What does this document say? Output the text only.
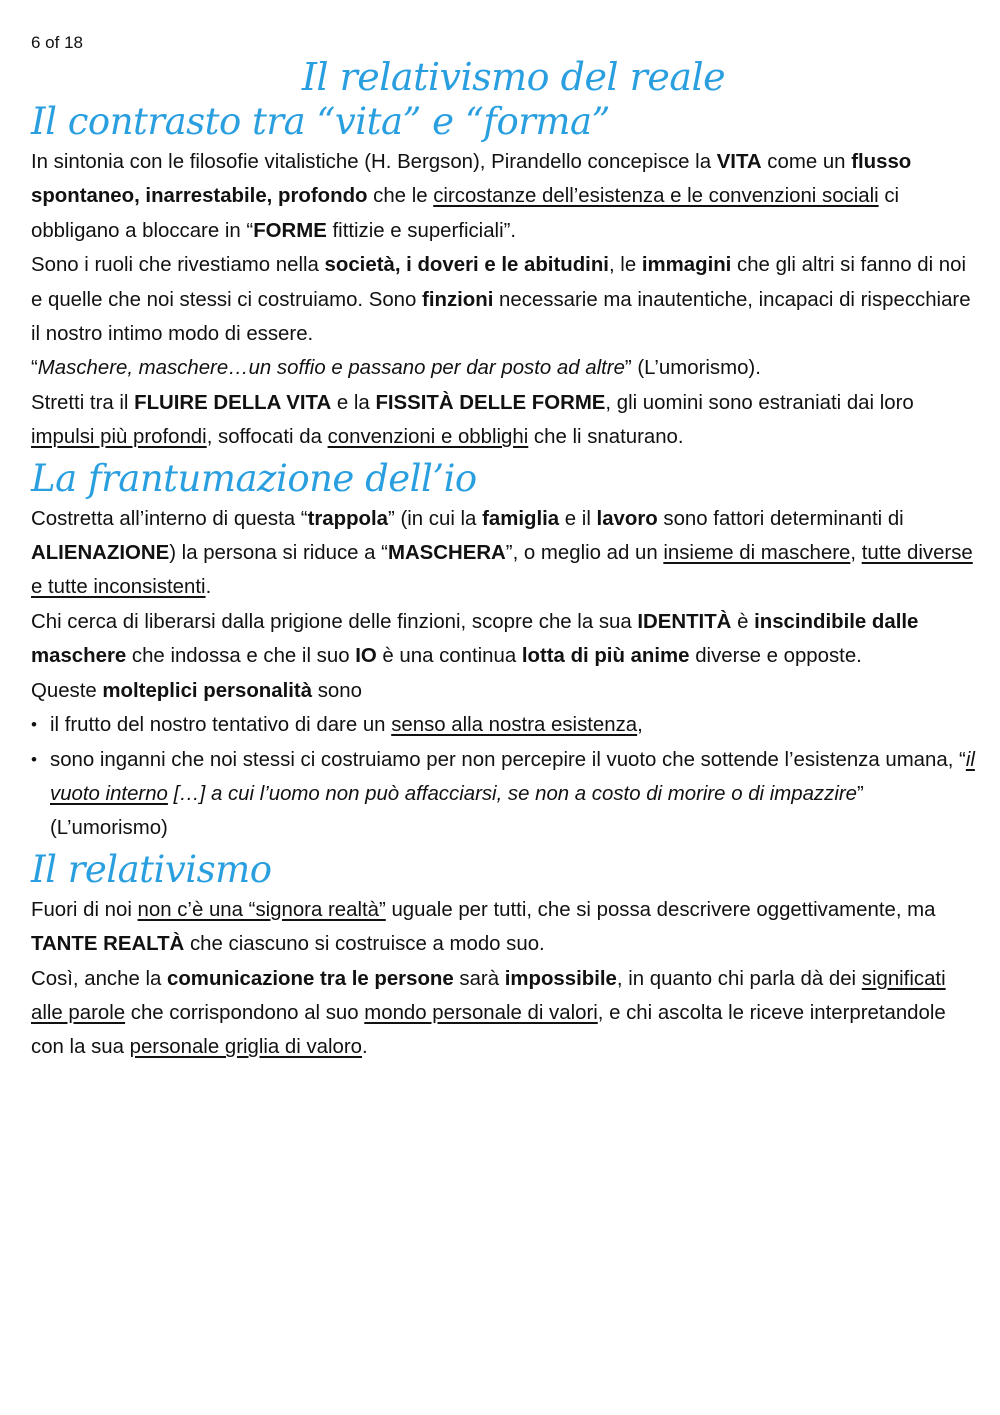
6 of 18
Il relativismo del reale
Il contrasto tra “vita” e “forma”

In sintonia con le filosofie vitalistiche (H. Bergson), Pirandello concepisce la VITA come un flusso spontaneo, inarrestabile, profondo che le circostanze dell’esistenza e le convenzioni sociali ci obbligano a bloccare in “FORME fittizie e superficiali”.

Sono i ruoli che rivestiamo nella società, i doveri e le abitudini, le immagini che gli altri si fanno di noi e quelle che noi stessi ci costruiamo. Sono finzioni necessarie ma inautentiche, incapaci di rispecchiare il nostro intimo modo di essere.

“Maschere, maschere…un soffio e passano per dar posto ad altre” (L’umorismo).

Stretti tra il FLUIRE DELLA VITA e la FISSITÀ DELLE FORME, gli uomini sono estraniati dai loro impulsi più profondi, soffocati da convenzioni e obblighi che li snaturano.

La frantumazione dell’io

Costretta all’interno di questa “trappola” (in cui la famiglia e il lavoro sono fattori determinanti di ALIENAZIONE) la persona si riduce a “MASCHERA”, o meglio ad un insieme di maschere, tutte diverse e tutte inconsistenti.

Chi cerca di liberarsi dalla prigione delle finzioni, scopre che la sua IDENTITÀ è inscindibile dalle maschere che indossa e che il suo IO è una continua lotta di più anime diverse e opposte.

Queste molteplici personalità sono

• il frutto del nostro tentativo di dare un senso alla nostra esistenza,
• sono inganni che noi stessi ci costruiamo per non percepire il vuoto che sottende l’esistenza umana, “il vuoto interno […] a cui l’uomo non può affacciarsi, se non a costo di morire o di impazzire” (L’umorismo)
Il relativismo

Fuori di noi non c’è una “signora realtà” uguale per tutti, che si possa descrivere oggettivamente, ma TANTE REALTÀ che ciascuno si costruisce a modo suo.

Così, anche la comunicazione tra le persone sarà impossibile, in quanto chi parla dà dei significati alle parole che corrispondono al suo mondo personale di valori, e chi ascolta le riceve interpretandole con la sua personale griglia di valoro.
